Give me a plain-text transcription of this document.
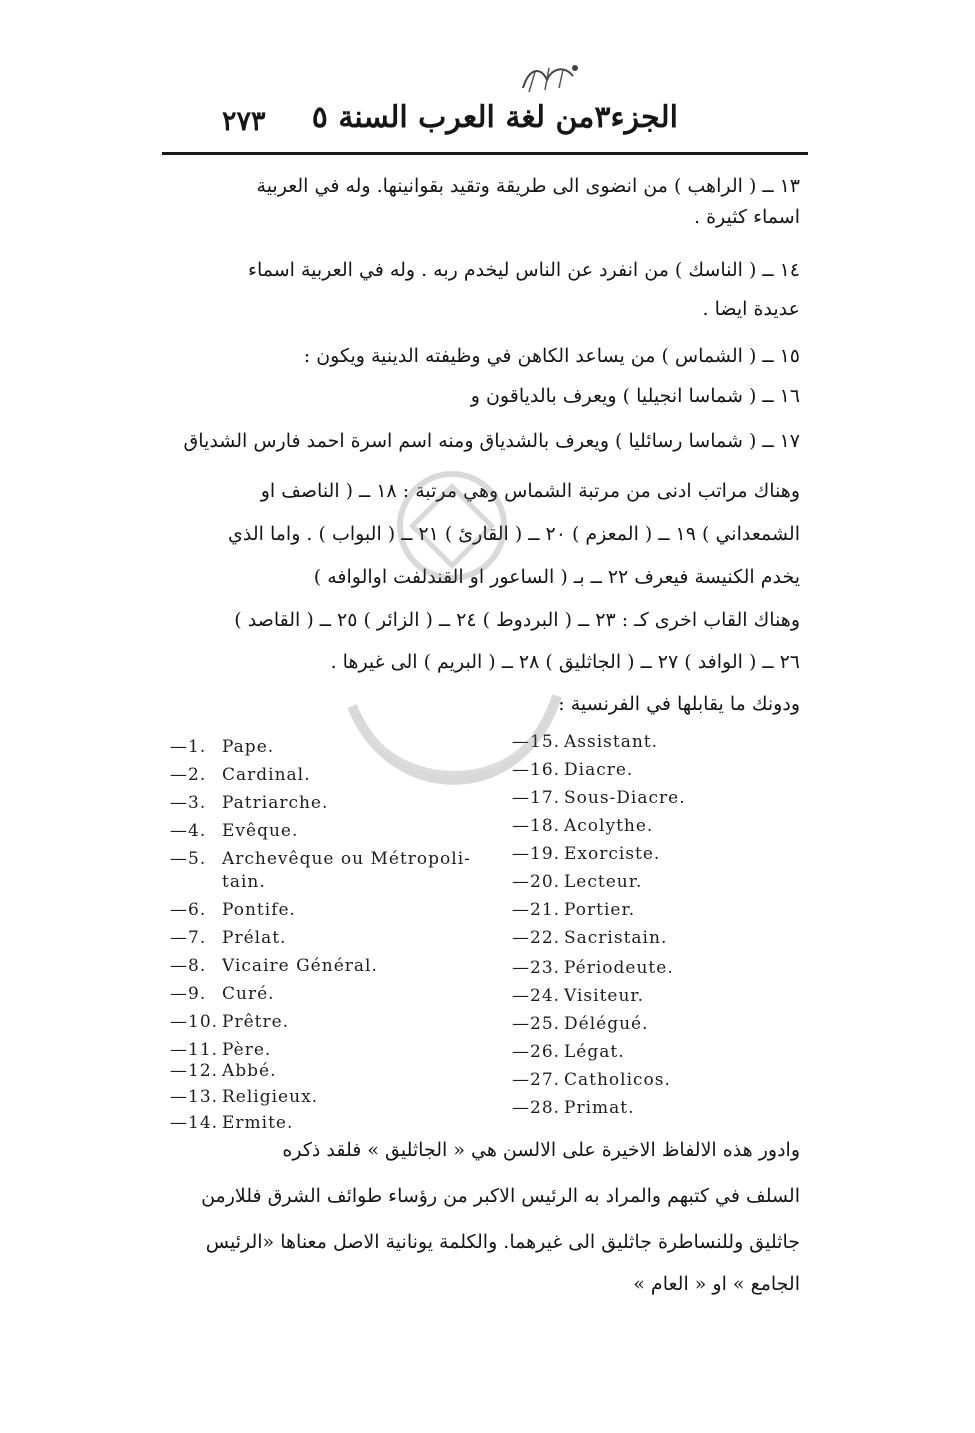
٢٧٣ الجزء٣من لغة العرب السنة ٥
١٣ ــ ( الراهب ) من انضوى الى طريقة وتقيد بقوانينها. وله في العربية
اسماء كثيرة .
١٤ ــ ( الناسك ) من انفرد عن الناس ليخدم ربه . وله في العربية اسماء
عديدة ايضا .
١٥ ــ ( الشماس ) من يساعد الكاهن في وظيفته الدينية ويكون :
١٦ ــ ( شماسا انجيليا ) ويعرف بالدياقون و
١٧ ــ ( شماسا رسائليا ) ويعرف بالشدياق ومنه اسم اسرة احمد فارس الشدياق
وهناك مراتب ادنى من مرتبة الشماس وهي مرتبة : ١٨ ــ ( الناصف او
الشمعداني ) ١٩ ــ ( المعزم ) ٢٠ ــ ( القارئ ) ٢١ ــ ( البواب ) . واما الذي
يخدم الكنيسة فيعرف ٢٢ ــ بـ ( الساعور او القندلفت اوالوافه )
وهناك القاب اخرى كـ : ٢٣ ــ ( البردوط ) ٢٤ ــ ( الزائر ) ٢٥ ــ ( القاصد )
٢٦ ــ ( الوافد ) ٢٧ ــ ( الجاثليق ) ٢٨ ــ ( البريم ) الى غيرها .
ودونك ما يقابلها في الفرنسية :
—1. Pape.
—2. Cardinal.
—3. Patriarche.
—4. Evêque.
—5. Archevêque ou Métropoli-
tain.
—6. Pontife.
—7. Prélat.
—8. Vicaire Général.
—9. Curé.
—10. Prêtre.
—11. Père.
—12. Abbé.
—13. Religieux.
—14. Ermite.
—15. Assistant.
—16. Diacre.
—17. Sous-Diacre.
—18. Acolythe.
—19. Exorciste.
—20. Lecteur.
—21. Portier.
—22. Sacristain.
—23. Périodeute.
—24. Visiteur.
—25. Délégué.
—26. Légat.
—27. Catholicos.
—28. Primat.
وادور هذه الالفاظ الاخيرة على الالسن هي « الجاثليق » فلقد ذكره
السلف في كتبهم والمراد به الرئيس الاكبر من رؤساء طوائف الشرق فللارمن
جاثليق وللنساطرة جاثليق الى غيرهما. والكلمة يونانية الاصل معناها «الرئيس
الجامع » او « العام »
